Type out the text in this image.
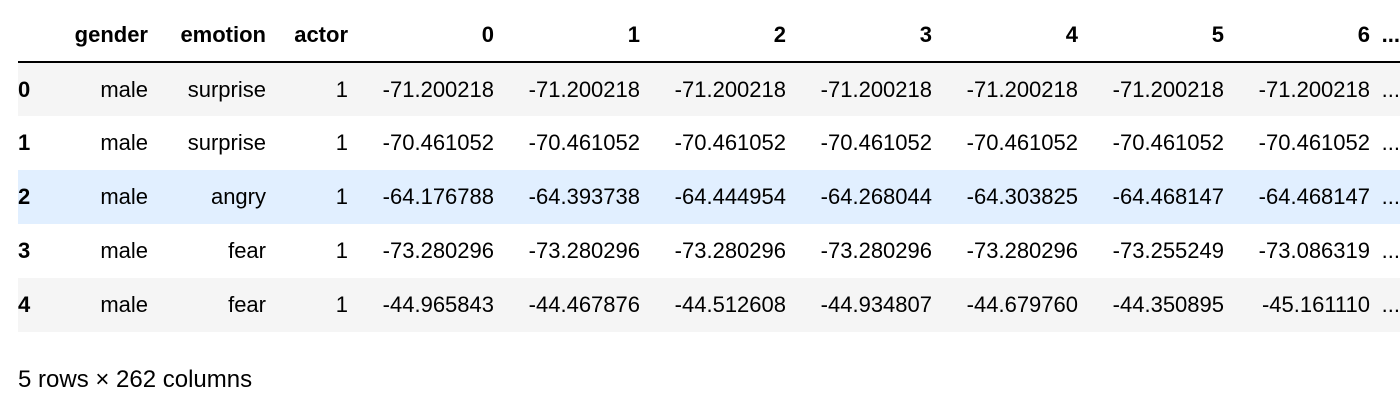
	gender	emotion	actor	0	1	2	3	4	5	6	...
0	male	surprise	1	-71.200218	-71.200218	-71.200218	-71.200218	-71.200218	-71.200218	-71.200218	...
1	male	surprise	1	-70.461052	-70.461052	-70.461052	-70.461052	-70.461052	-70.461052	-70.461052	...
2	male	angry	1	-64.176788	-64.393738	-64.444954	-64.268044	-64.303825	-64.468147	-64.468147	...
3	male	fear	1	-73.280296	-73.280296	-73.280296	-73.280296	-73.280296	-73.255249	-73.086319	...
4	male	fear	1	-44.965843	-44.467876	-44.512608	-44.934807	-44.679760	-44.350895	-45.161110	...
5 rows × 262 columns
